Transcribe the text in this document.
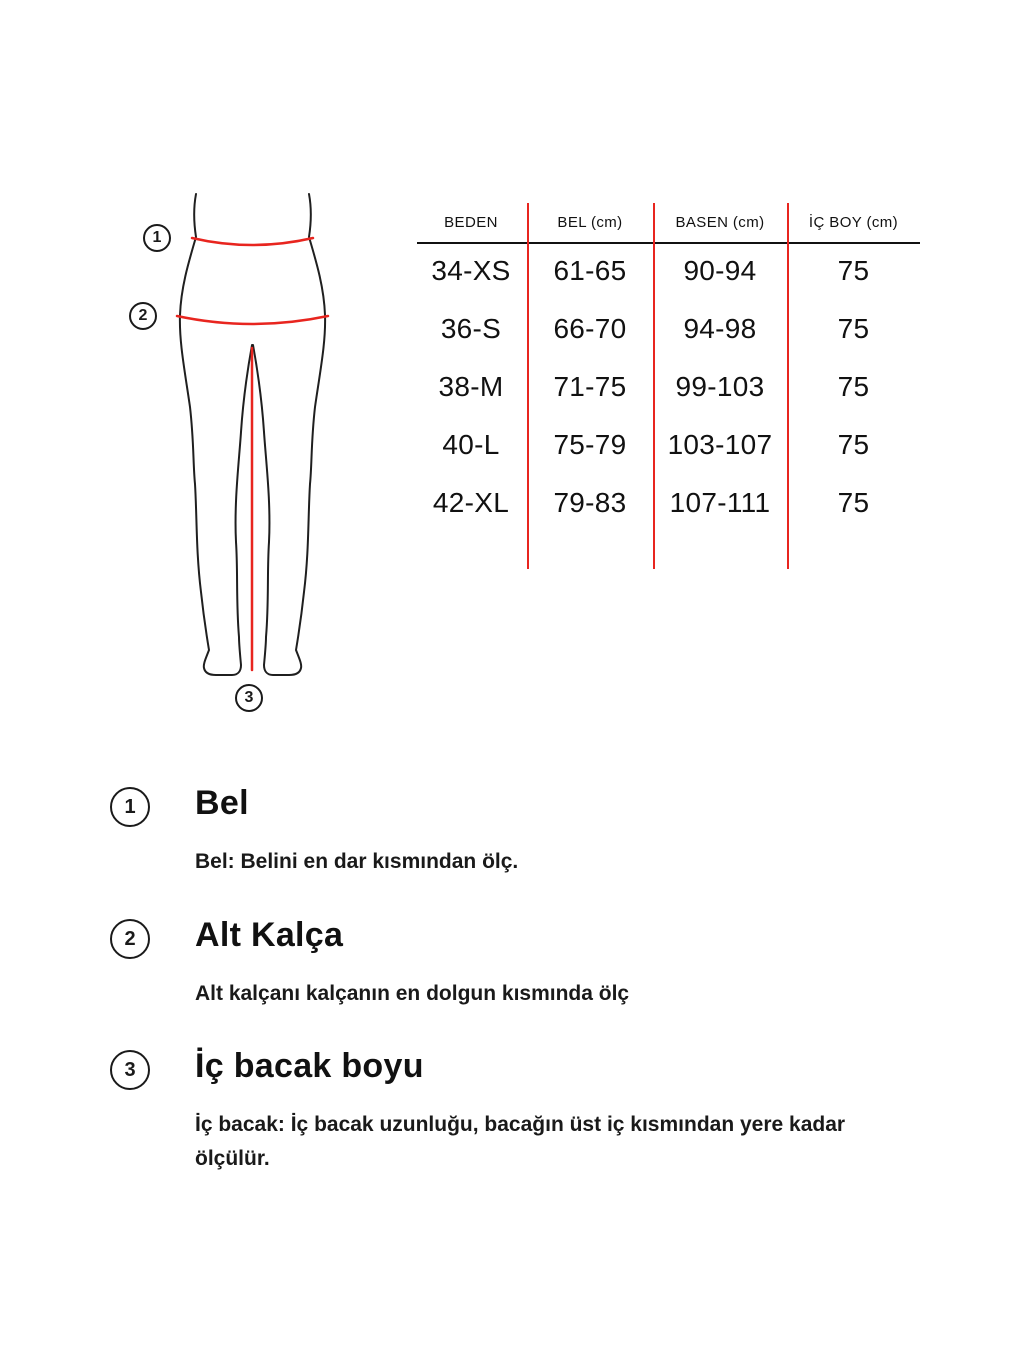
1
2
3
BEDEN	BEL (cm)	BASEN (cm)	İÇ BOY (cm)
34-XS	61-65	90-94	75
36-S	66-70	94-98	75
38-M	71-75	99-103	75
40-L	75-79	103-107	75
42-XL	79-83	107-111	75
1 Bel
Bel: Belini en dar kısmından ölç.
2 Alt Kalça
Alt kalçanı kalçanın en dolgun kısmında ölç
3 İç bacak boyu
İç bacak: İç bacak uzunluğu, bacağın üst iç kısmından yere kadar ölçülür.
